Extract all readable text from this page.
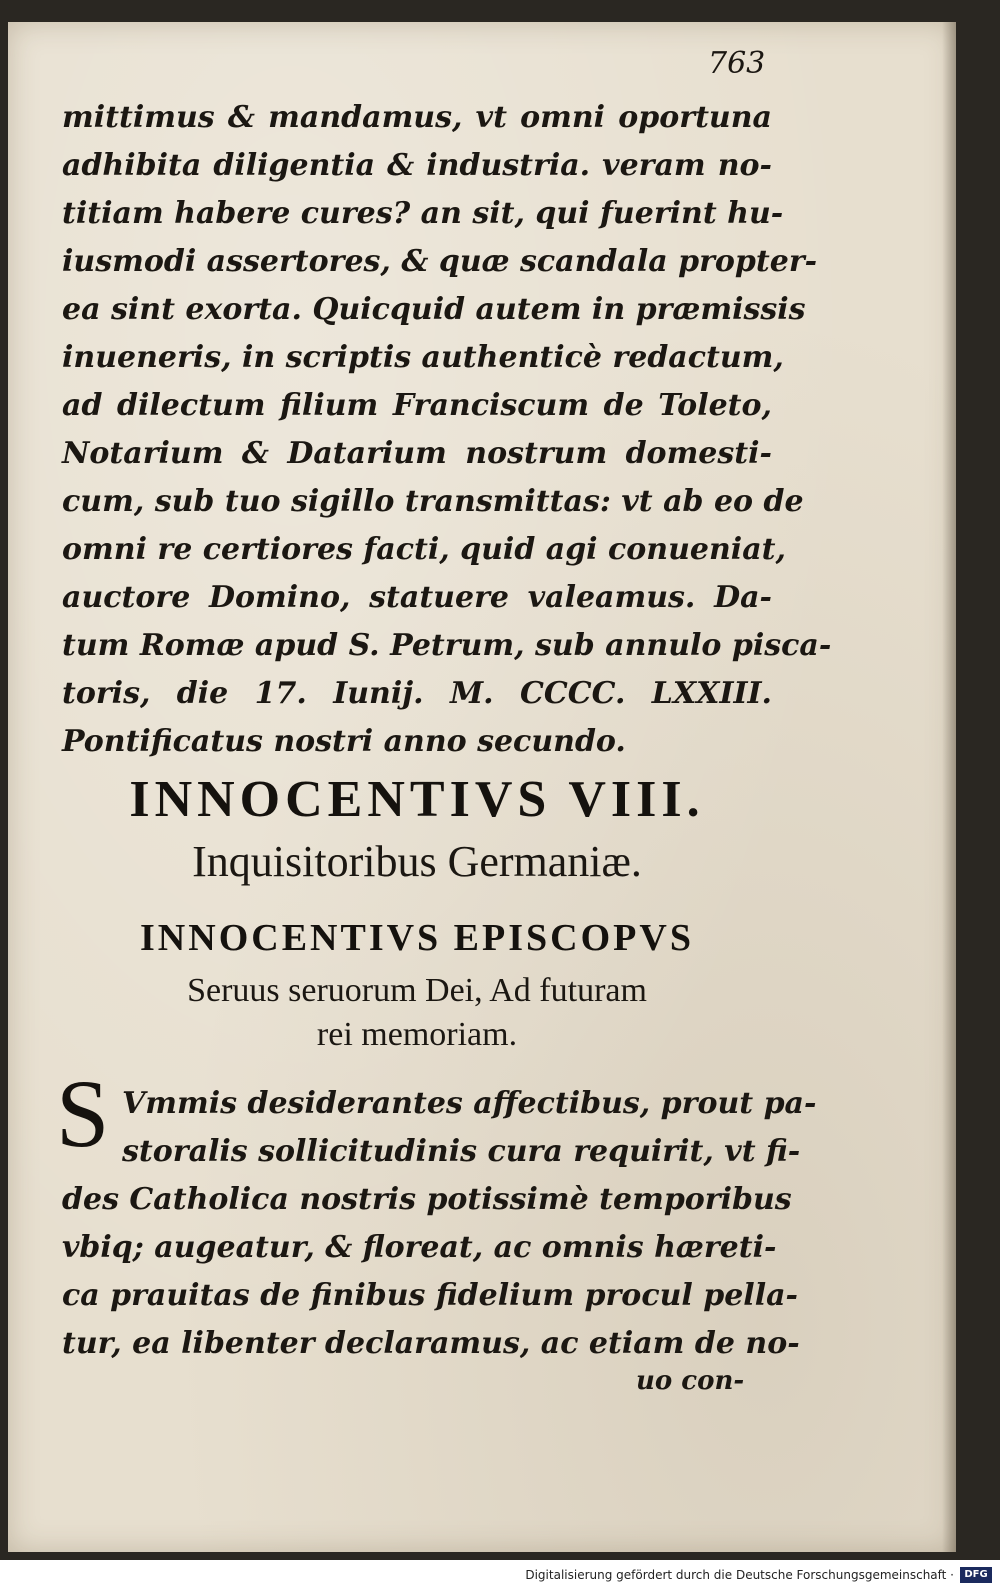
763
mittimus & mandamus, vt omni oportuna
adhibita diligentia & industria. veram no-
titiam habere cures? an sit, qui fuerint hu-
iusmodi assertores, & quæ scandala propter-
ea sint exorta. Quicquid autem in præmissis
inueneris, in scriptis authenticè redactum,
ad dilectum filium Franciscum de Toleto,
Notarium & Datarium nostrum domesti-
cum, sub tuo sigillo transmittas: vt ab eo de
omni re certiores facti, quid agi conueniat,
auctore Domino, statuere valeamus. Da-
tum Romæ apud S. Petrum, sub annulo pisca-
toris, die 17. Iunij. M. CCCC. LXXIII.
Pontificatus nostri anno secundo.
INNOCENTIVS VIII.
Inquisitoribus Germaniæ.
INNOCENTIVS EPISCOPVS
Seruus seruorum Dei, Ad futuram
rei memoriam.
S Vmmis desiderantes affectibus, prout pa-
storalis sollicitudinis cura requirit, vt fi-
des Catholica nostris potissimè temporibus
vbiq; augeatur, & floreat, ac omnis hæreti-
ca prauitas de finibus fidelium procul pella-
tur, ea libenter declaramus, ac etiam de no-
uo con-
Digitalisierung gefördert durch die Deutsche Forschungsgemeinschaft ·	DFG
